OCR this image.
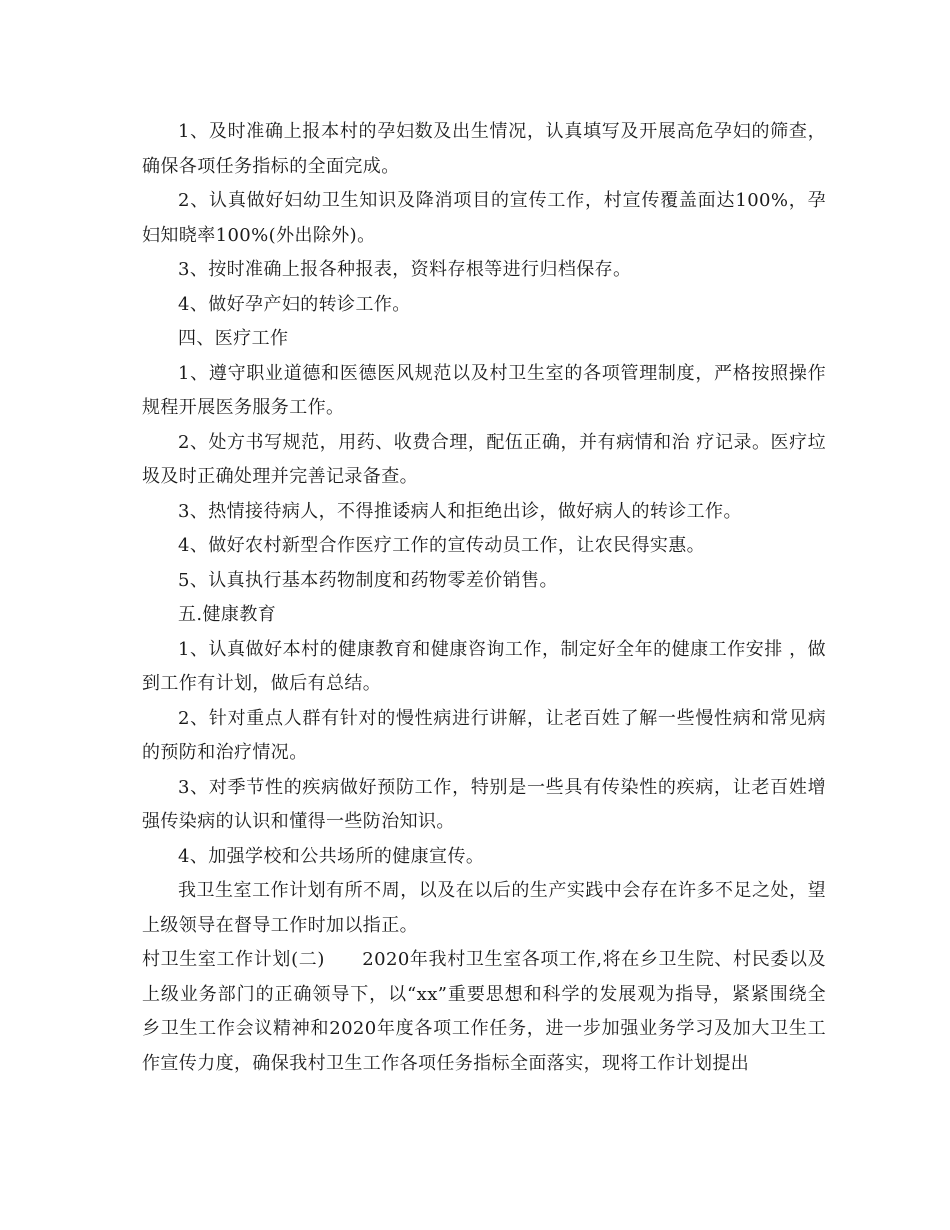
1、及时准确上报本村的孕妇数及出生情况，认真填写及开展高危孕妇的筛查，确保各项任务指标的全面完成。

2、认真做好妇幼卫生知识及降消项目的宣传工作，村宣传覆盖面达100%，孕妇知晓率100%(外出除外)。

3、按时准确上报各种报表，资料存根等进行归档保存。

4、做好孕产妇的转诊工作。

四、医疗工作

1、遵守职业道德和医德医风规范以及村卫生室的各项管理制度，严格按照操作规程开展医务服务工作。

2、处方书写规范，用药、收费合理，配伍正确，并有病情和治 疗记录。医疗垃圾及时正确处理并完善记录备查。

3、热情接待病人，不得推诿病人和拒绝出诊，做好病人的转诊工作。

4、做好农村新型合作医疗工作的宣传动员工作，让农民得实惠。

5、认真执行基本药物制度和药物零差价销售。

五.健康教育

1、认真做好本村的健康教育和健康咨询工作，制定好全年的健康工作安排 ，做到工作有计划，做后有总结。

2、针对重点人群有针对的慢性病进行讲解，让老百姓了解一些慢性病和常见病的预防和治疗情况。

3、对季节性的疾病做好预防工作，特别是一些具有传染性的疾病，让老百姓增强传染病的认识和懂得一些防治知识。

4、加强学校和公共场所的健康宣传。

我卫生室工作计划有所不周，以及在以后的生产实践中会存在许多不足之处，望上级领导在督导工作时加以指正。

村卫生室工作计划(二)　　2020年我村卫生室各项工作,将在乡卫生院、村民委以及上级业务部门的正确领导下，以“xx”重要思想和科学的发展观为指导，紧紧围绕全乡卫生工作会议精神和2020年度各项工作任务，进一步加强业务学习及加大卫生工作宣传力度，确保我村卫生工作各项任务指标全面落实，现将工作计划提出
